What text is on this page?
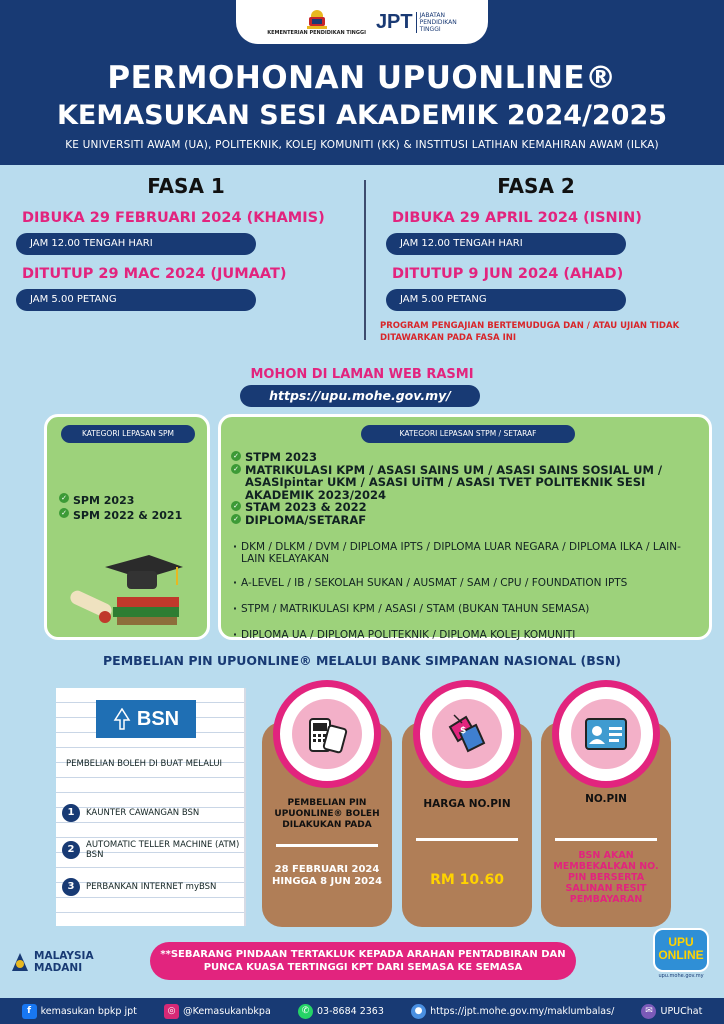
KEMENTERIAN PENDIDIKAN TINGGI
JPT	JABATAN
PENDIDIKAN
TINGGI
PERMOHONAN UPUONLINE®
KEMASUKAN SESI AKADEMIK 2024/2025
KE UNIVERSITI AWAM (UA), POLITEKNIK, KOLEJ KOMUNITI (KK) & INSTITUSI LATIHAN KEMAHIRAN AWAM (ILKA)
FASA 1
DIBUKA 29 FEBRUARI 2024 (KHAMIS)
JAM 12.00 TENGAH HARI
DITUTUP 29 MAC 2024 (JUMAAT)
JAM 5.00 PETANG
FASA 2
DIBUKA 29 APRIL 2024 (ISNIN)
JAM 12.00 TENGAH HARI
DITUTUP 9 JUN 2024 (AHAD)
JAM 5.00 PETANG
PROGRAM PENGAJIAN BERTEMUDUGA DAN / ATAU UJIAN TIDAK DITAWARKAN PADA FASA INI
MOHON DI LAMAN WEB RASMI
https://upu.mohe.gov.my/
KATEGORI LEPASAN SPM
✓ SPM 2023
✓ SPM 2022 & 2021
KATEGORI LEPASAN STPM / SETARAF
✓ STPM 2023
✓ MATRIKULASI KPM / ASASI SAINS UM / ASASI SAINS SOSIAL UM / ASASIpintar UKM / ASASI UiTM / ASASI TVET POLITEKNIK SESI AKADEMIK 2023/2024
✓ STAM 2023 & 2022
✓ DIPLOMA/SETARAF
· DKM / DLKM / DVM / DIPLOMA IPTS / DIPLOMA LUAR NEGARA / DIPLOMA ILKA / LAIN-LAIN KELAYAKAN
· A-LEVEL / IB / SEKOLAH SUKAN / AUSMAT / SAM / CPU / FOUNDATION IPTS
· STPM / MATRIKULASI KPM / ASASI / STAM (BUKAN TAHUN SEMASA)
· DIPLOMA UA / DIPLOMA POLITEKNIK / DIPLOMA KOLEJ KOMUNITI
PEMBELIAN PIN UPUONLINE® MELALUI BANK SIMPANAN NASIONAL (BSN)
BSN
PEMBELIAN BOLEH DI BUAT MELALUI
1	KAUNTER CAWANGAN BSN
2	AUTOMATIC TELLER MACHINE (ATM) BSN
3	PERBANKAN INTERNET myBSN
PEMBELIAN PIN UPUONLINE® BOLEH DILAKUKAN PADA
28 FEBRUARI 2024 HINGGA 8 JUN 2024
$
HARGA NO.PIN
RM 10.60
NO.PIN
BSN AKAN MEMBEKALKAN NO. PIN BERSERTA SALINAN RESIT PEMBAYARAN
MALAYSIA
MADANI
**SEBARANG PINDAAN TERTAKLUK KEPADA ARAHAN PENTADBIRAN DAN PUNCA KUASA TERTINGGI KPT DARI SEMASA KE SEMASA
UPU
ONLINE
upu.mohe.gov.my
f	kemasukan bpkp jpt	◎ @Kemasukanbkpa	✆ 03-8684 2363	● https://jpt.mohe.gov.my/maklumbalas/	✉ UPUChat
